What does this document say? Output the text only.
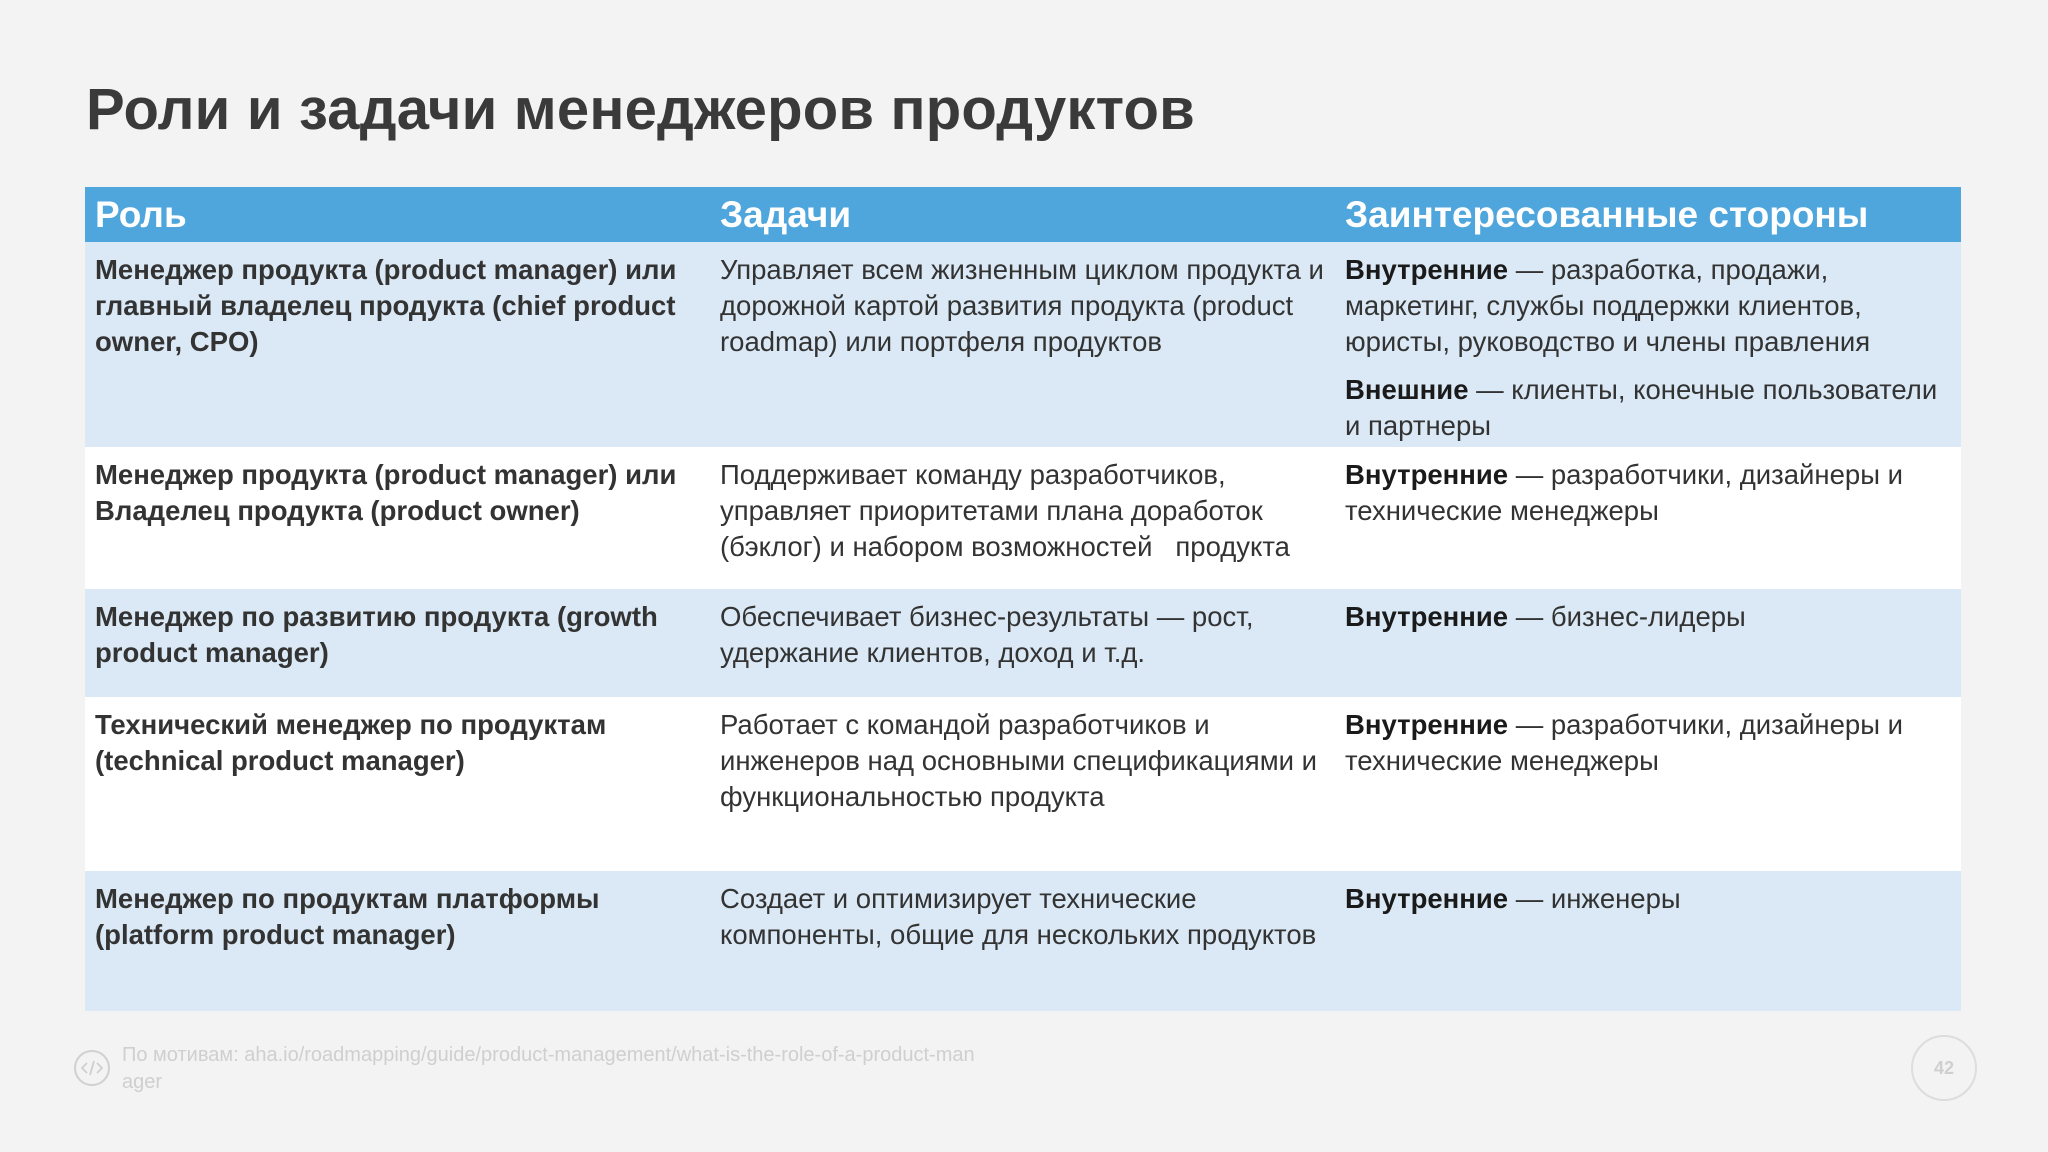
Роли и задачи менеджеров продуктов
Роль	Задачи	Заинтересованные стороны
Менеджер продукта (product manager) или главный владелец продукта (chief product owner, CPO)	Управляет всем жизненным циклом продукта и дорожной картой развития продукта (product roadmap) или портфеля продуктов	Внутренние — разработка, продажи, маркетинг, службы поддержки клиентов, юристы, руководство и члены правления

Внешние — клиенты, конечные пользователи и партнеры

Менеджер продукта (product manager) или Владелец продукта (product owner)	Поддерживает команду разработчиков, управляет приоритетами плана доработок (бэклог) и набором возможностей   продукта	Внутренние — разработчики, дизайнеры и технические менеджеры

Менеджер по развитию продукта (growth product manager)	Обеспечивает бизнес-результаты — рост, удержание клиентов, доход и т.д.	Внутренние — бизнес-лидеры

Технический менеджер по продуктам (technical product manager)	Работает с командой разработчиков и инженеров над основными спецификациями и функциональностью продукта	Внутренние — разработчики, дизайнеры и технические менеджеры

Менеджер по продуктам платформы (platform product manager)	Создает и оптимизирует технические компоненты, общие для нескольких продуктов	Внутренние — инженеры

По мотивам: aha.io/roadmapping/guide/product-management/what-is-the-role-of-a-product-manager
42
